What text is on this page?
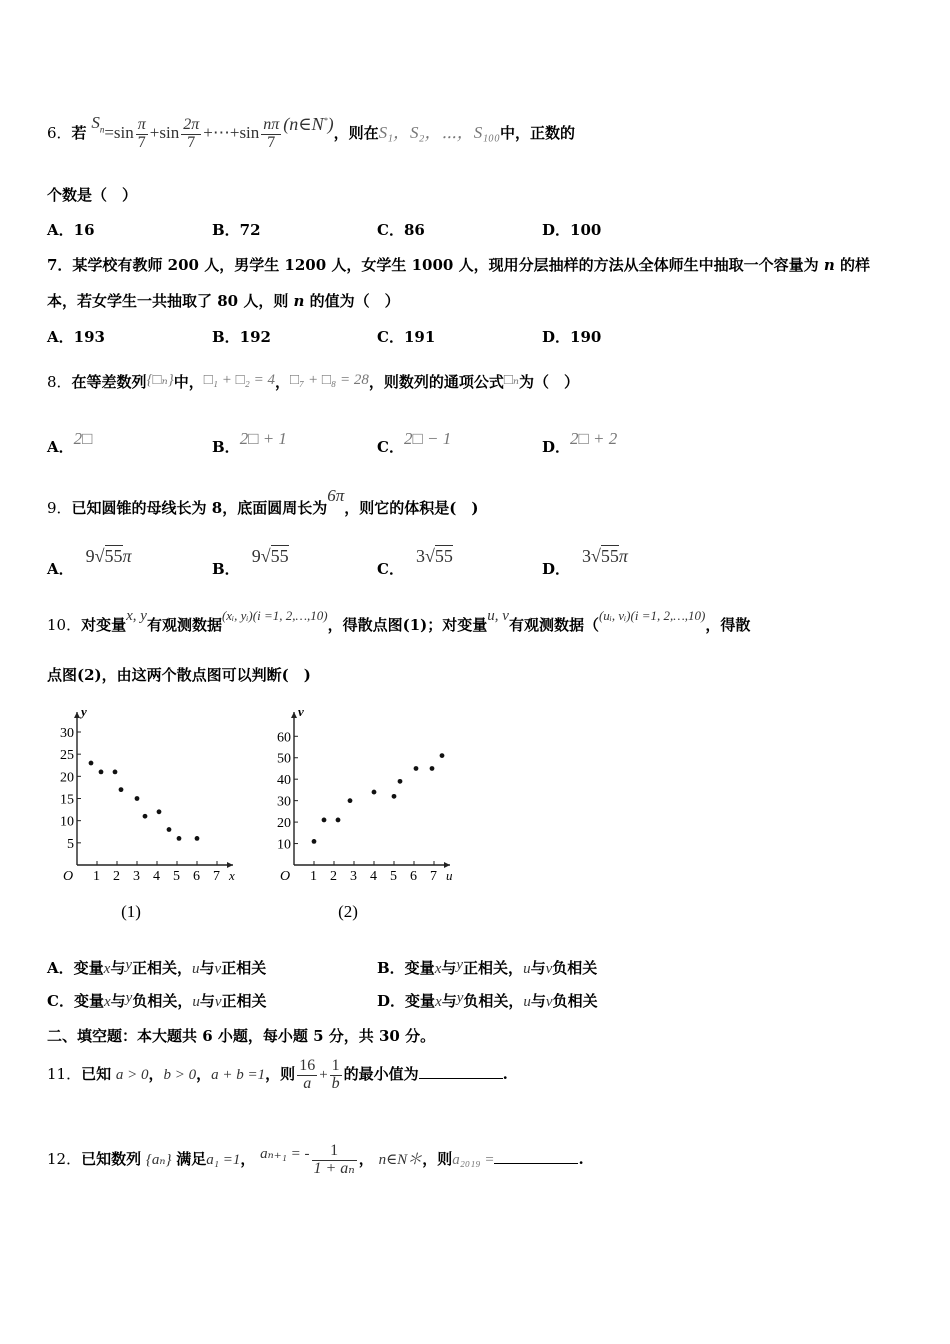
6．若 $S_n=\sin \frac{\pi}{7} +\sin \frac{2\pi}{7}$ +⋯+sin $\frac{n\pi}{7}$ (n∈N*)，则在S₁，S₂，⋯，S₁₀₀中，正数的
个数是（　）
A．16	B．72	C．86	D．100
7．某学校有教师 200 人，男学生 1200 人，女学生 1000 人，现用分层抽样的方法从全体师生中抽取一个容量为 n 的样
本，若女学生一共抽取了 80 人，则 n 的值为（　）
A．193	B．192	C．191	D．190
8．在等差数列{□ₙ}中，□₁ + □₂ = 4，□₇ + □₈ = 28，则数列的通项公式□ₙ为（　）
A．2□	B．2□ + 1	C．2□ − 1	D．2□ + 2
9．已知圆锥的母线长为 8，底面圆周长为6π，则它的体积是(　)
A．9√55π
B．9√55
C．3√55
D．3√55π
10．对变量x, y有观测数据(xᵢ, yᵢ)(i =1, 2,…,10)，得散点图(1)；对变量u, v有观测数据（(uᵢ, vᵢ)(i =1, 2,…,10)，得散
点图(2)，由这两个散点图可以判断(　)
x
y
O 1 2 3 4 5 6 7
5
10
15
20
25
30
(1)
u
v
O 1 2 3 4 5 6 7
10
20
30
40
50
60
(2)
A．变量x与y正相关，u与v正相关	B．变量x与y正相关，u与v负相关
C．变量x与y负相关，u与v正相关	D．变量x与y负相关，u与v负相关
二、填空题：本大题共 6 小题，每小题 5 分，共 30 分。
11．已知 a > 0，b > 0，a + b =1，则 $\frac{16}{a} + \frac{1}{b}$ 的最小值为	.
12．已知数列 {aₙ} 满足a₁ =1， aₙ₊₁ = - $\frac{1}{\text{1 + aₙ}}$ ， n∈N＊，则a₂₀₁₉ =	.
